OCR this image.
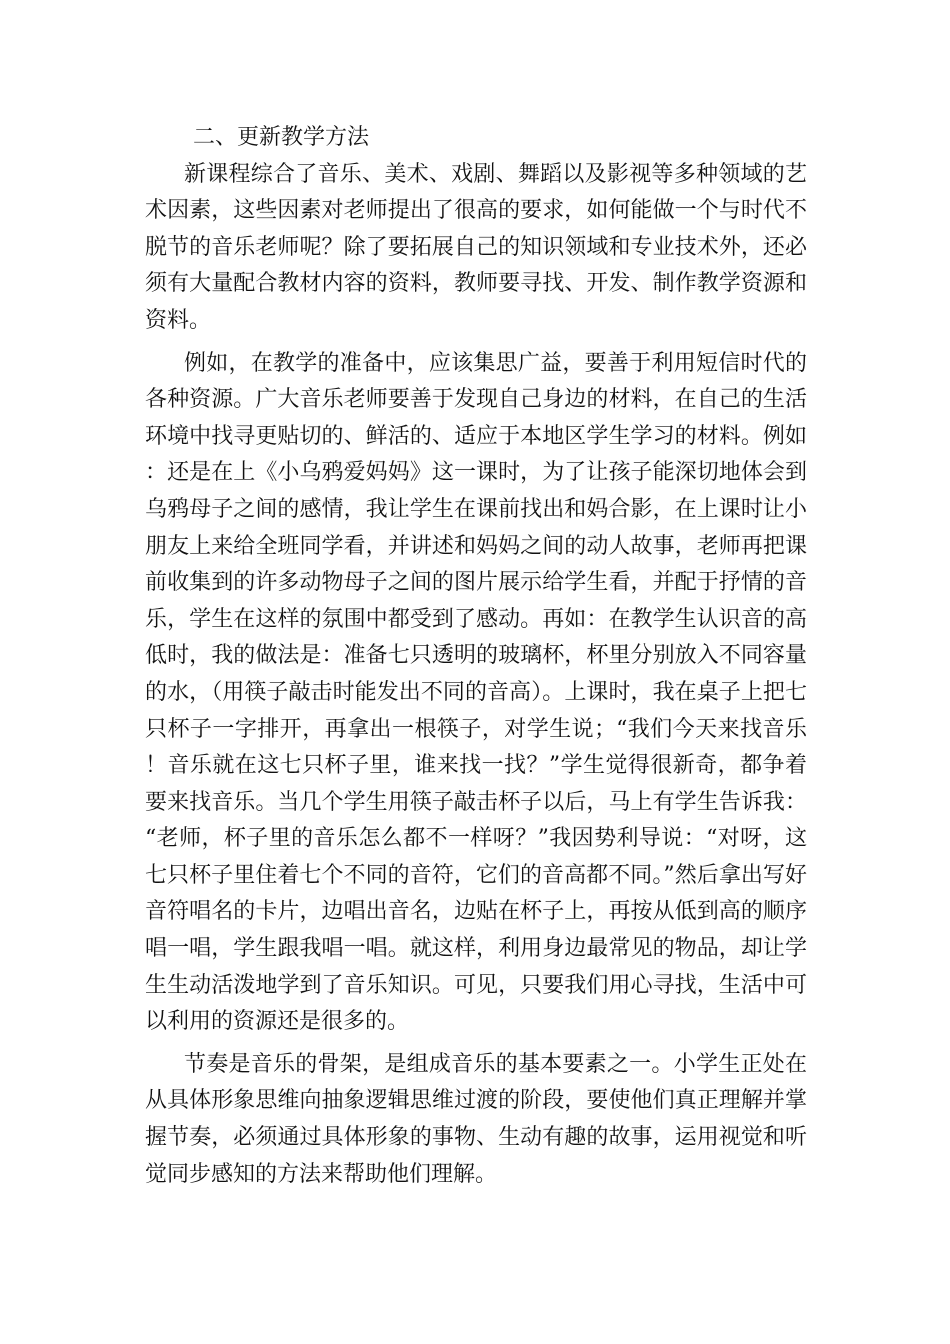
二、更新教学方法

新课程综合了音乐、美术、戏剧、舞蹈以及影视等多种领域的艺术因素，这些因素对老师提出了很高的要求，如何能做一个与时代不脱节的音乐老师呢？除了要拓展自己的知识领域和专业技术外，还必须有大量配合教材内容的资料，教师要寻找、开发、制作教学资源和资料。

例如，在教学的准备中，应该集思广益，要善于利用短信时代的各种资源。广大音乐老师要善于发现自己身边的材料，在自己的生活环境中找寻更贴切的、鲜活的、适应于本地区学生学习的材料。例如：还是在上《小乌鸦爱妈妈》这一课时，为了让孩子能深切地体会到乌鸦母子之间的感情，我让学生在课前找出和妈合影，在上课时让小朋友上来给全班同学看，并讲述和妈妈之间的动人故事，老师再把课前收集到的许多动物母子之间的图片展示给学生看，并配于抒情的音乐，学生在这样的氛围中都受到了感动。再如：在教学生认识音的高低时，我的做法是：准备七只透明的玻璃杯，杯里分别放入不同容量的水，（用筷子敲击时能发出不同的音高）。上课时，我在桌子上把七只杯子一字排开，再拿出一根筷子，对学生说；“我们今天来找音乐！音乐就在这七只杯子里，谁来找一找？”学生觉得很新奇，都争着要来找音乐。当几个学生用筷子敲击杯子以后，马上有学生告诉我：“老师，杯子里的音乐怎么都不一样呀？”我因势利导说：“对呀，这七只杯子里住着七个不同的音符，它们的音高都不同。”然后拿出写好音符唱名的卡片，边唱出音名，边贴在杯子上，再按从低到高的顺序唱一唱，学生跟我唱一唱。就这样，利用身边最常见的物品，却让学生生动活泼地学到了音乐知识。可见，只要我们用心寻找，生活中可以利用的资源还是很多的。

节奏是音乐的骨架，是组成音乐的基本要素之一。小学生正处在从具体形象思维向抽象逻辑思维过渡的阶段，要使他们真正理解并掌握节奏，必须通过具体形象的事物、生动有趣的故事，运用视觉和听觉同步感知的方法来帮助他们理解。
